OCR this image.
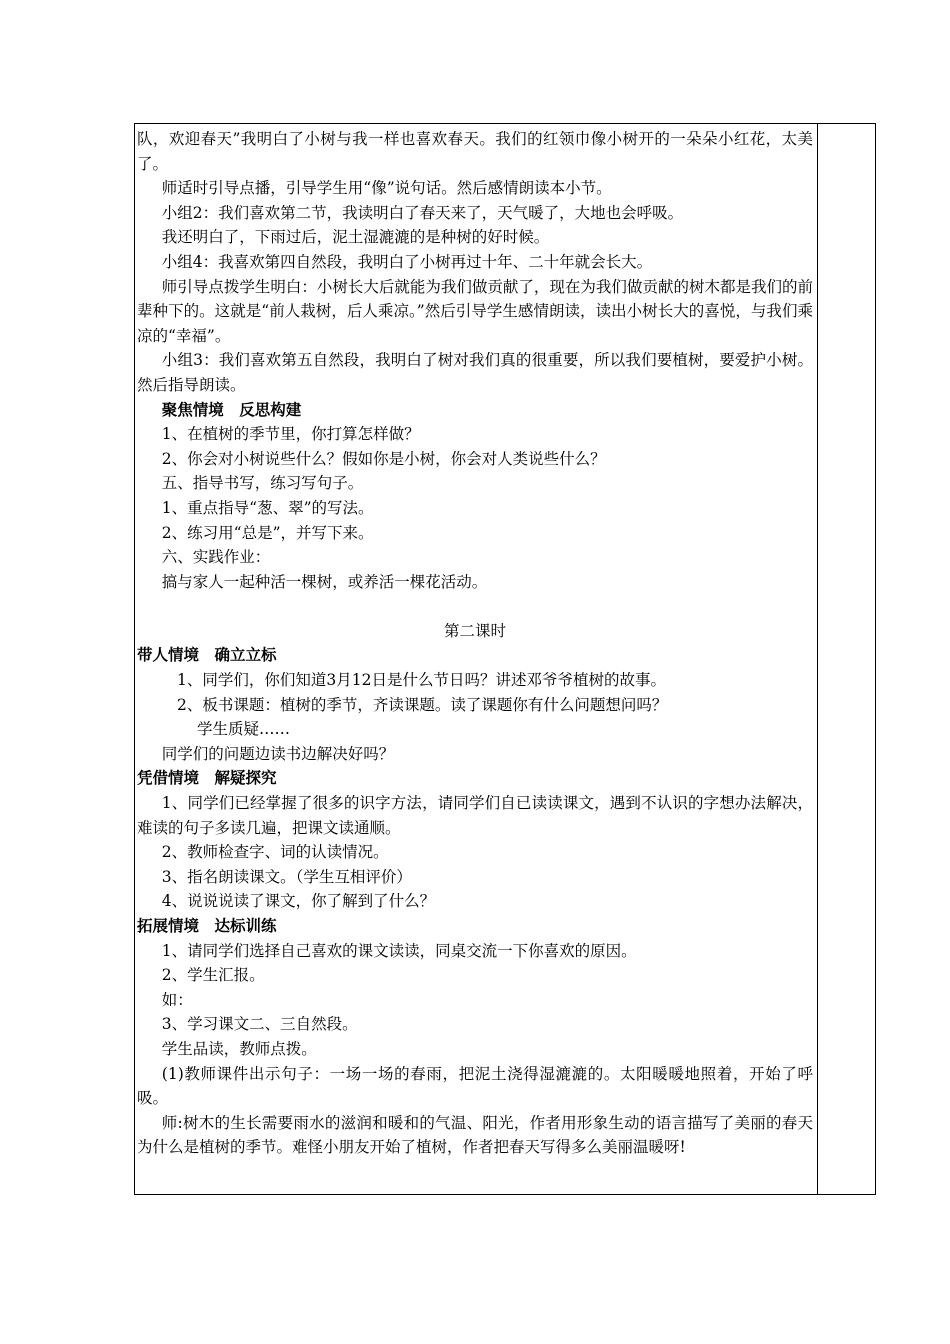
队，欢迎春天”我明白了小树与我一样也喜欢春天。我们的红领巾像小树开的一朵朵小红花，太美了。

师适时引导点播，引导学生用“像”说句话。然后感情朗读本小节。

小组2：我们喜欢第二节，我读明白了春天来了，天气暖了，大地也会呼吸。

我还明白了，下雨过后，泥土湿漉漉的是种树的好时候。

小组4：我喜欢第四自然段，我明白了小树再过十年、二十年就会长大。

师引导点拨学生明白：小树长大后就能为我们做贡献了，现在为我们做贡献的树木都是我们的前辈种下的。这就是“前人栽树，后人乘凉。”然后引导学生感情朗读，读出小树长大的喜悦，与我们乘凉的“幸福”。

小组3：我们喜欢第五自然段，我明白了树对我们真的很重要，所以我们要植树，要爱护小树。然后指导朗读。

聚焦情境　反思构建

1、在植树的季节里，你打算怎样做？

2、你会对小树说些什么？假如你是小树，你会对人类说些什么？

五、指导书写，练习写句子。

1、重点指导“葱、翠”的写法。

2、练习用“总是”，并写下来。

六、实践作业：

搞与家人一起种活一棵树，或养活一棵花活动。

第二课时

带人情境　确立立标

1、同学们，你们知道3月12日是什么节日吗？讲述邓爷爷植树的故事。

2、板书课题：植树的季节，齐读课题。读了课题你有什么问题想问吗？

学生质疑……

同学们的问题边读书边解决好吗？

凭借情境　解疑探究

1、同学们已经掌握了很多的识字方法，请同学们自已读读课文，遇到不认识的字想办法解决，难读的句子多读几遍，把课文读通顺。

2、教师检查字、词的认读情况。

3、指名朗读课文。（学生互相评价）

4、说说说读了课文，你了解到了什么？

拓展情境　达标训练

1、请同学们选择自己喜欢的课文读读，同桌交流一下你喜欢的原因。

2、学生汇报。

如：

3、学习课文二、三自然段。

学生品读，教师点拨。

(1)教师课件出示句子：一场一场的春雨，把泥土浇得湿漉漉的。太阳暖暖地照着，开始了呼吸。

师:树木的生长需要雨水的滋润和暖和的气温、阳光，作者用形象生动的语言描写了美丽的春天为什么是植树的季节。难怪小朋友开始了植树，作者把春天写得多么美丽温暖呀!
